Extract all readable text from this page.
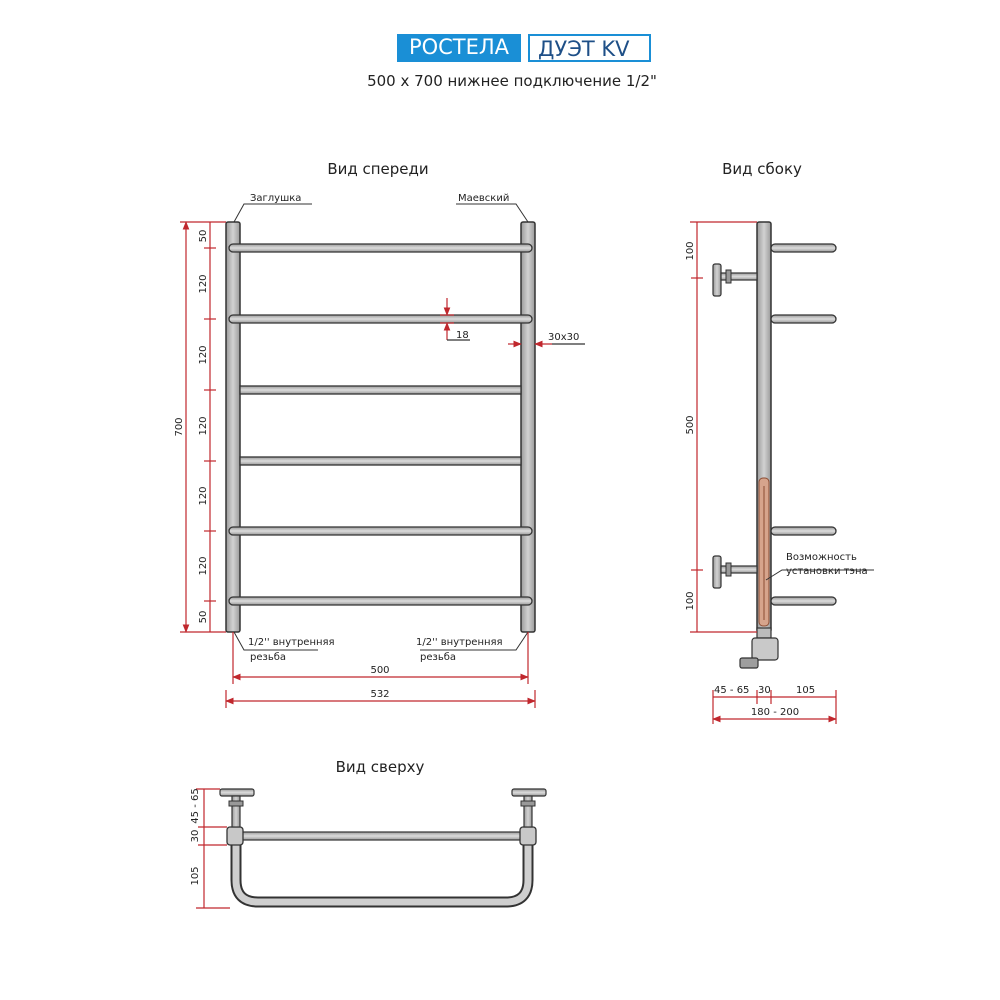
РОСТЕЛА	ДУЭТ KV
500 х 700 нижнее подключение 1/2"
Вид спереди
Заглушка	Маевский
1/2'' внутренняя
резьба
1/2'' внутренняя
резьба
50
120
120
120
120
120
50
700
18	30х30
500
532
Вид сбоку
Возможность
установки тэна
100
500
100
45 - 65 30	105
180 - 200
Вид сверху
45 - 65
30
105
